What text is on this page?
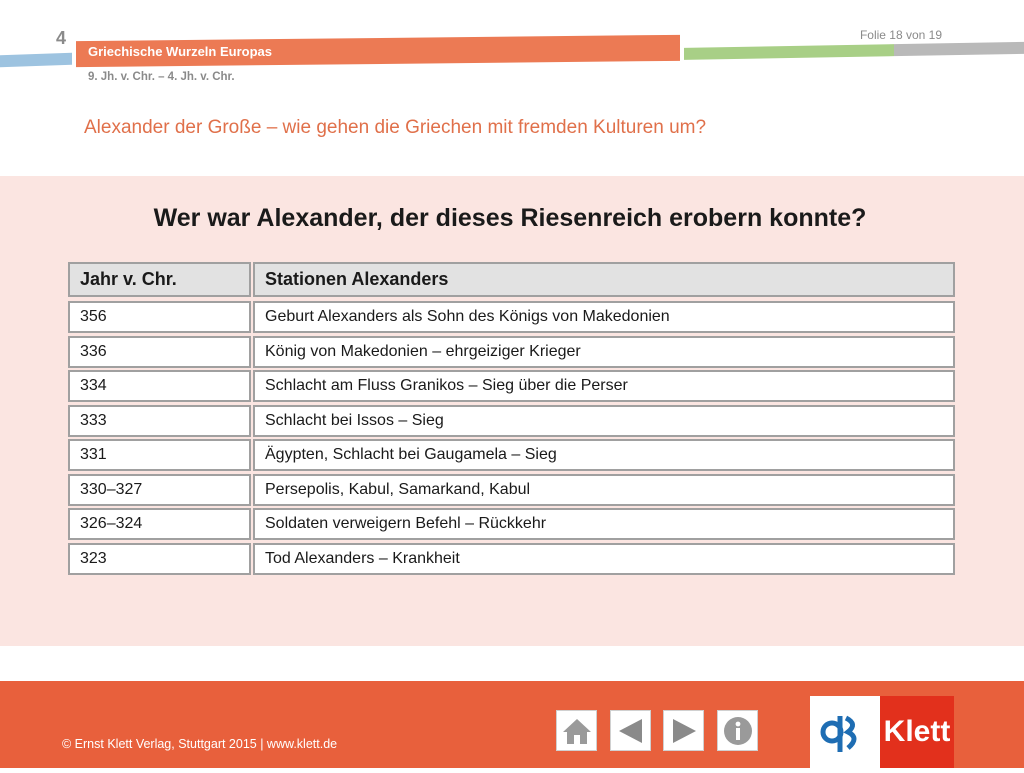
4
Griechische Wurzeln Europas
Folie 18 von 19
9. Jh. v. Chr. – 4. Jh. v. Chr.
Alexander der Große – wie gehen die Griechen mit fremden Kulturen um?
Wer war Alexander, der dieses Riesenreich erobern konnte?
Jahr v. Chr.	Stationen Alexanders
356	Geburt Alexanders als Sohn des Königs von Makedonien
336	König von Makedonien – ehrgeiziger Krieger
334	Schlacht am Fluss Granikos – Sieg über die Perser
333	Schlacht bei Issos – Sieg
331	Ägypten, Schlacht bei Gaugamela – Sieg
330–327	Persepolis, Kabul, Samarkand, Kabul
326–324	Soldaten verweigern Befehl – Rückkehr
323	Tod Alexanders – Krankheit
© Ernst Klett Verlag, Stuttgart 2015 | www.klett.de	Klett
